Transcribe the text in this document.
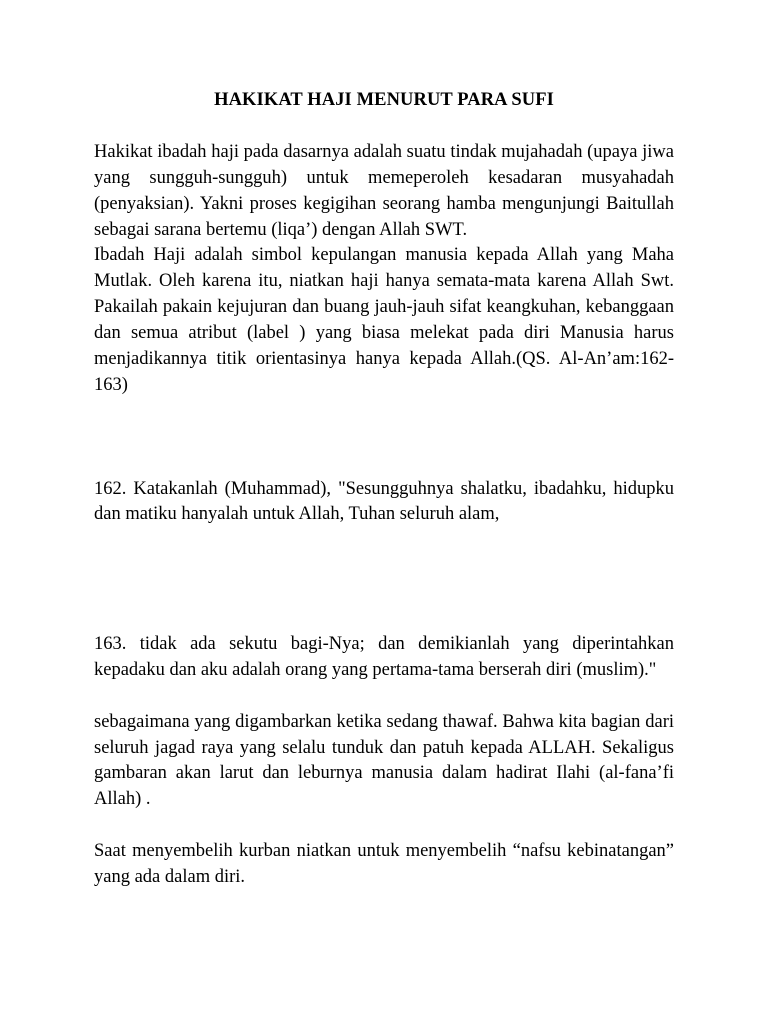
HAKIKAT HAJI MENURUT PARA SUFI

Hakikat ibadah haji pada dasarnya adalah suatu tindak mujahadah (upaya jiwa yang sungguh-sungguh) untuk memeperoleh kesadaran musyahadah (penyaksian). Yakni proses kegigihan seorang hamba mengunjungi Baitullah sebagai sarana bertemu (liqa’) dengan Allah SWT.

Ibadah Haji adalah simbol kepulangan manusia kepada Allah yang Maha Mutlak. Oleh karena itu, niatkan haji hanya semata-mata karena Allah Swt. Pakailah pakain kejujuran dan buang jauh-jauh sifat keangkuhan, kebanggaan dan semua atribut (label ) yang biasa melekat pada diri Manusia harus menjadikannya titik orientasinya hanya kepada Allah.(QS. Al-An’am:162- 163)

162. Katakanlah (Muhammad), "Sesungguhnya shalatku, ibadahku, hidupku dan matiku hanyalah untuk Allah, Tuhan seluruh alam,

163. tidak ada sekutu bagi-Nya; dan demikianlah yang diperintahkan kepadaku dan aku adalah orang yang pertama-tama berserah diri (muslim)."

sebagaimana yang digambarkan ketika sedang thawaf. Bahwa kita bagian dari seluruh jagad raya yang selalu tunduk dan patuh kepada ALLAH. Sekaligus gambaran akan larut dan leburnya manusia dalam hadirat Ilahi (al-fana’fi Allah) .

Saat menyembelih kurban niatkan untuk menyembelih “nafsu kebinatangan” yang ada dalam diri.
